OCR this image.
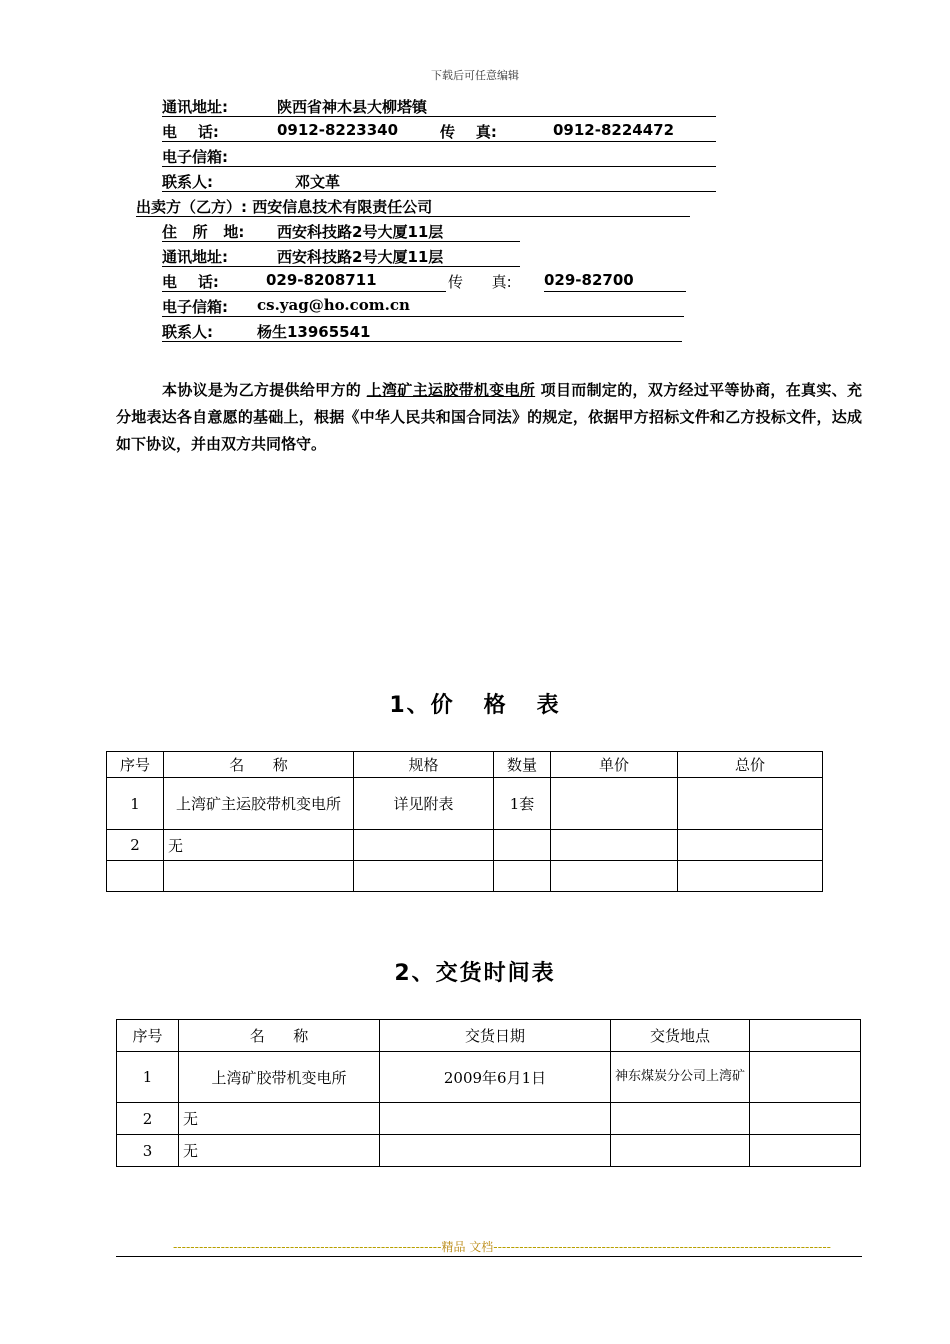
下载后可任意编辑
通讯地址:	陕西省神木县大柳塔镇
电    话:	0912-8223340	传    真:	0912-8224472
电子信箱:
联系人:	邓文革
出卖方（乙方）: 西安信息技术有限责任公司
住   所   地: 西安科技路2号大厦11层
通讯地址:	西安科技路2号大厦11层
电    话:	029-8208711	传      真: 029-82700
电子信箱: cs.yag@ho.com.cn
联系人:	杨生13965541
本协议是为乙方提供给甲方的 上湾矿主运胶带机变电所 项目而制定的，双方经过平等协商，在真实、充分地表达各自意愿的基础上，根据《中华人民共和国合同法》的规定，依据甲方招标文件和乙方投标文件，达成如下协议，并由双方共同恪守。
1、价   格   表
序号	名      称	规格	数量	单价	总价
1	上湾矿主运胶带机变电所	详见附表	1套		
2	无				

2、交货时间表
序号	名      称	交货日期	交货地点	
1	上湾矿胶带机变电所	2009年6月1日	神东煤炭分公司上湾矿	
2	无			
3	无			
--------------------------------------------------------------精品 文档------------------------------------------------------------------------------
